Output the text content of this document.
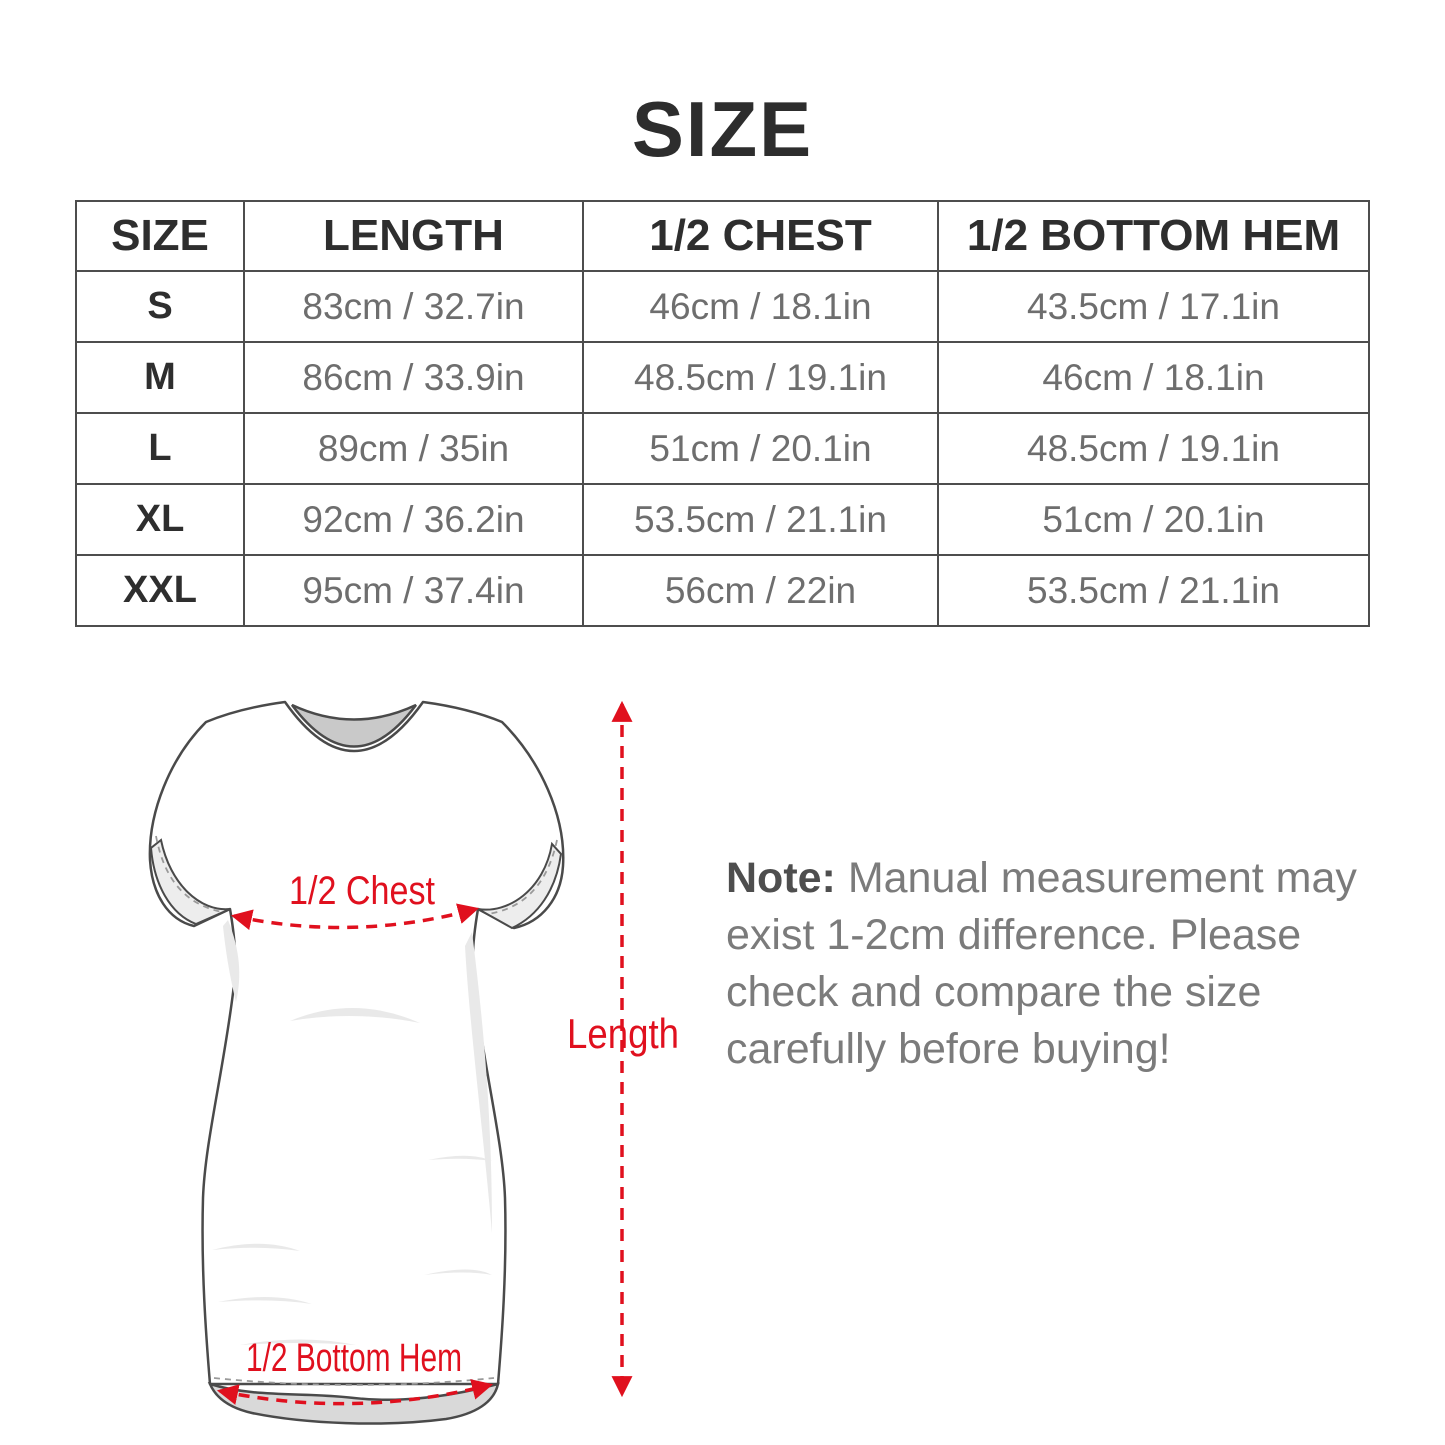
SIZE
SIZE	LENGTH	1/2 CHEST	1/2 BOTTOM HEM
S	83cm / 32.7in	46cm / 18.1in	43.5cm / 17.1in
M	86cm / 33.9in	48.5cm / 19.1in	46cm / 18.1in
L	89cm / 35in	51cm / 20.1in	48.5cm / 19.1in
XL	92cm / 36.2in	53.5cm / 21.1in	51cm / 20.1in
XXL	95cm / 37.4in	56cm / 22in	53.5cm / 21.1in
1/2 Chest
1/2 Bottom Hem
Length

Note: Manual measurement may exist 1-2cm difference. Please check and compare the size carefully before buying!
